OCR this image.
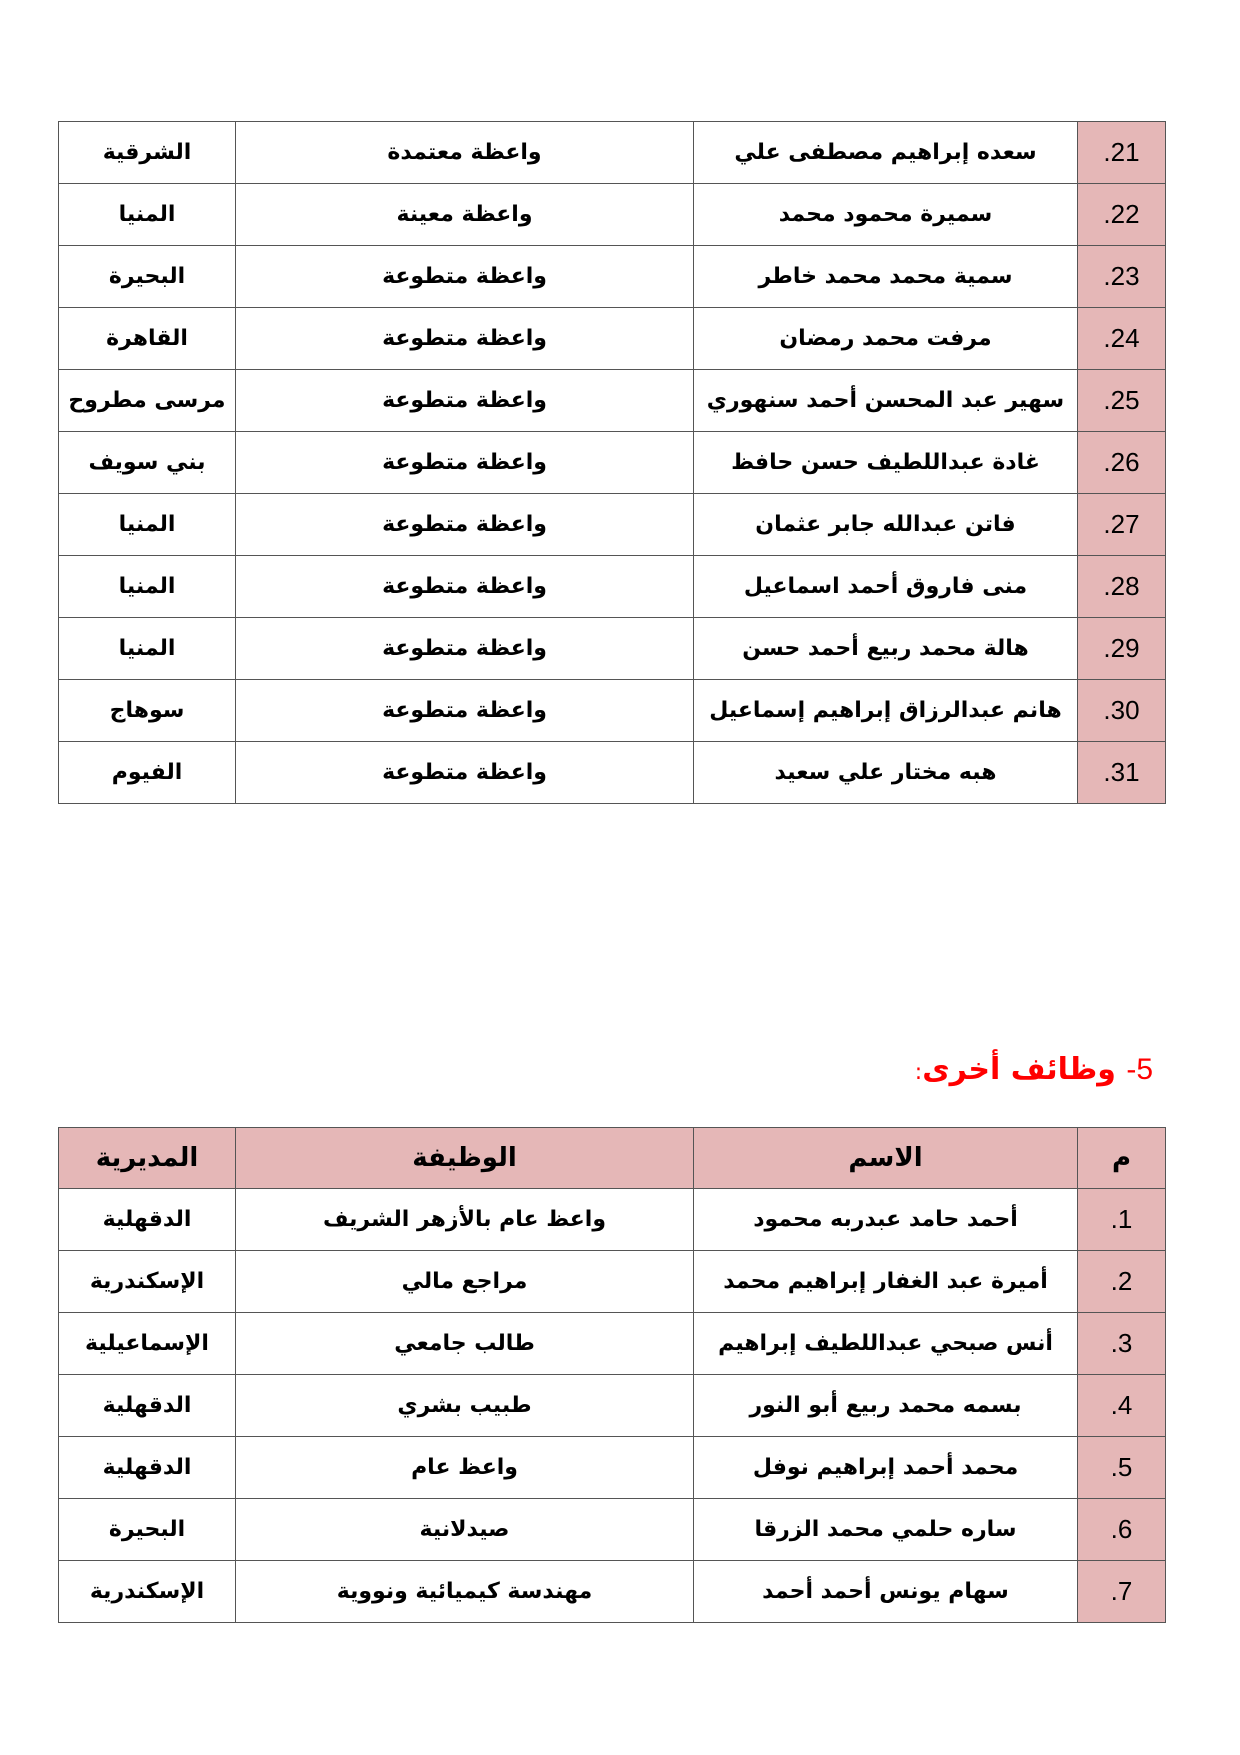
21.	سعده إبراهيم مصطفى علي	واعظة معتمدة	الشرقية
22.	سميرة محمود محمد	واعظة معينة	المنيا
23.	سمية محمد محمد خاطر	واعظة متطوعة	البحيرة
24.	مرفت محمد رمضان	واعظة متطوعة	القاهرة
25.	سهير عبد المحسن أحمد سنهوري	واعظة متطوعة	مرسى مطروح
26.	غادة عبداللطيف حسن حافظ	واعظة متطوعة	بني سويف
27.	فاتن عبدالله جابر عثمان	واعظة متطوعة	المنيا
28.	منى فاروق أحمد اسماعيل	واعظة متطوعة	المنيا
29.	هالة محمد ربيع أحمد حسن	واعظة متطوعة	المنيا
30.	هانم عبدالرزاق إبراهيم إسماعيل	واعظة متطوعة	سوهاج
31.	هبه مختار علي سعيد	واعظة متطوعة	الفيوم
5- وظائف أخرى:
م	الاسم	الوظيفة	المديرية
1.	أحمد حامد عبدربه محمود	واعظ عام بالأزهر الشريف	الدقهلية
2.	أميرة عبد الغفار إبراهيم محمد	مراجع مالي	الإسكندرية
3.	أنس صبحي عبداللطيف إبراهيم	طالب جامعي	الإسماعيلية
4.	بسمه محمد ربيع أبو النور	طبيب بشري	الدقهلية
5.	محمد أحمد إبراهيم نوفل	واعظ عام	الدقهلية
6.	ساره حلمي محمد الزرقا	صيدلانية	البحيرة
7.	سهام يونس أحمد أحمد	مهندسة كيميائية ونووية	الإسكندرية
